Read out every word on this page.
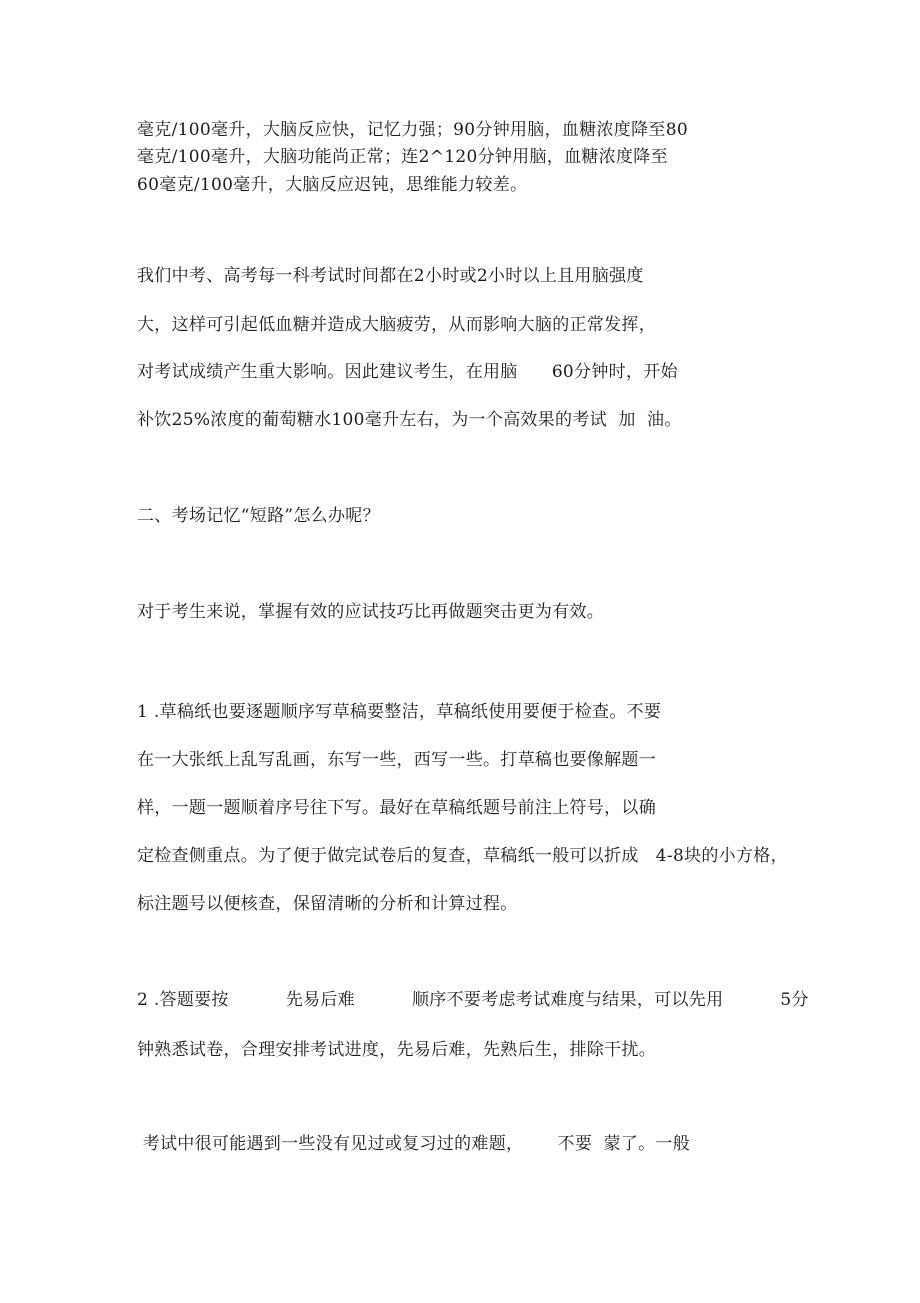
毫克/100毫升，大脑反应快，记忆力强；90分钟用脑，血糖浓度降至80
毫克/100毫升，大脑功能尚正常；连2^120分钟用脑，血糖浓度降至
60毫克/100毫升，大脑反应迟钝，思维能力较差。
我们中考、高考每一科考试时间都在2小时或2小时以上且用脑强度
大，这样可引起低血糖并造成大脑疲劳，从而影响大脑的正常发挥，
对考试成绩产生重大影响。因此建议考生，在用脑      60分钟时，开始
补饮25%浓度的葡萄糖水100毫升左右，为一个高效果的考试  加  油。
二、考场记忆“短路”怎么办呢？
对于考生来说，掌握有效的应试技巧比再做题突击更为有效。
1 .草稿纸也要逐题顺序写草稿要整洁，草稿纸使用要便于检查。不要
在一大张纸上乱写乱画，东写一些，西写一些。打草稿也要像解题一
样，一题一题顺着序号往下写。最好在草稿纸题号前注上符号，以确
定检查侧重点。为了便于做完试卷后的复查，草稿纸一般可以折成   4-8块的小方格，
标注题号以便核查，保留清晰的分析和计算过程。
2 .答题要按          先易后难          顺序不要考虑考试难度与结果，可以先用          5分
钟熟悉试卷，合理安排考试进度，先易后难，先熟后生，排除干扰。
考试中很可能遇到一些没有见过或复习过的难题，      不要  蒙了。一般
